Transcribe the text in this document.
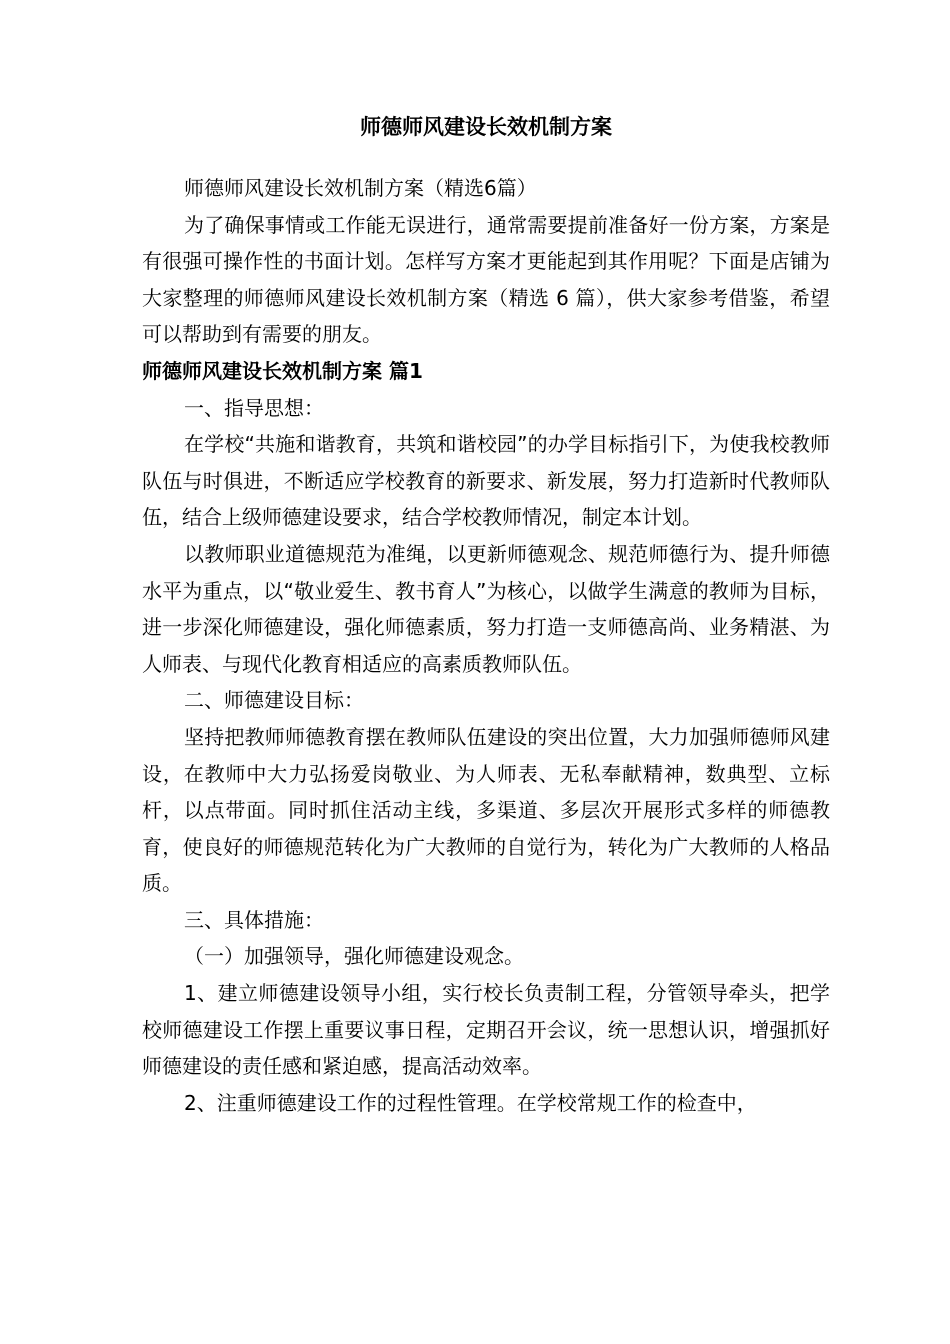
师德师风建设长效机制方案

师德师风建设长效机制方案（精选6篇）

为了确保事情或工作能无误进行，通常需要提前准备好一份方案，方案是有很强可操作性的书面计划。怎样写方案才更能起到其作用呢？下面是店铺为大家整理的师德师风建设长效机制方案（精选 6 篇），供大家参考借鉴，希望可以帮助到有需要的朋友。

师德师风建设长效机制方案 篇1

一、指导思想：

在学校“共施和谐教育，共筑和谐校园”的办学目标指引下，为使我校教师队伍与时俱进，不断适应学校教育的新要求、新发展，努力打造新时代教师队伍，结合上级师德建设要求，结合学校教师情况，制定本计划。

以教师职业道德规范为准绳，以更新师德观念、规范师德行为、提升师德水平为重点，以“敬业爱生、教书育人”为核心，以做学生满意的教师为目标，进一步深化师德建设，强化师德素质，努力打造一支师德高尚、业务精湛、为人师表、与现代化教育相适应的高素质教师队伍。

二、师德建设目标：

坚持把教师师德教育摆在教师队伍建设的突出位置，大力加强师德师风建设，在教师中大力弘扬爱岗敬业、为人师表、无私奉献精神，数典型、立标杆，以点带面。同时抓住活动主线，多渠道、多层次开展形式多样的师德教育，使良好的师德规范转化为广大教师的自觉行为，转化为广大教师的人格品质。

三、具体措施：

（一）加强领导，强化师德建设观念。

1、建立师德建设领导小组，实行校长负责制工程，分管领导牵头，把学校师德建设工作摆上重要议事日程，定期召开会议，统一思想认识，增强抓好师德建设的责任感和紧迫感，提高活动效率。

2、注重师德建设工作的过程性管理。在学校常规工作的检查中，
